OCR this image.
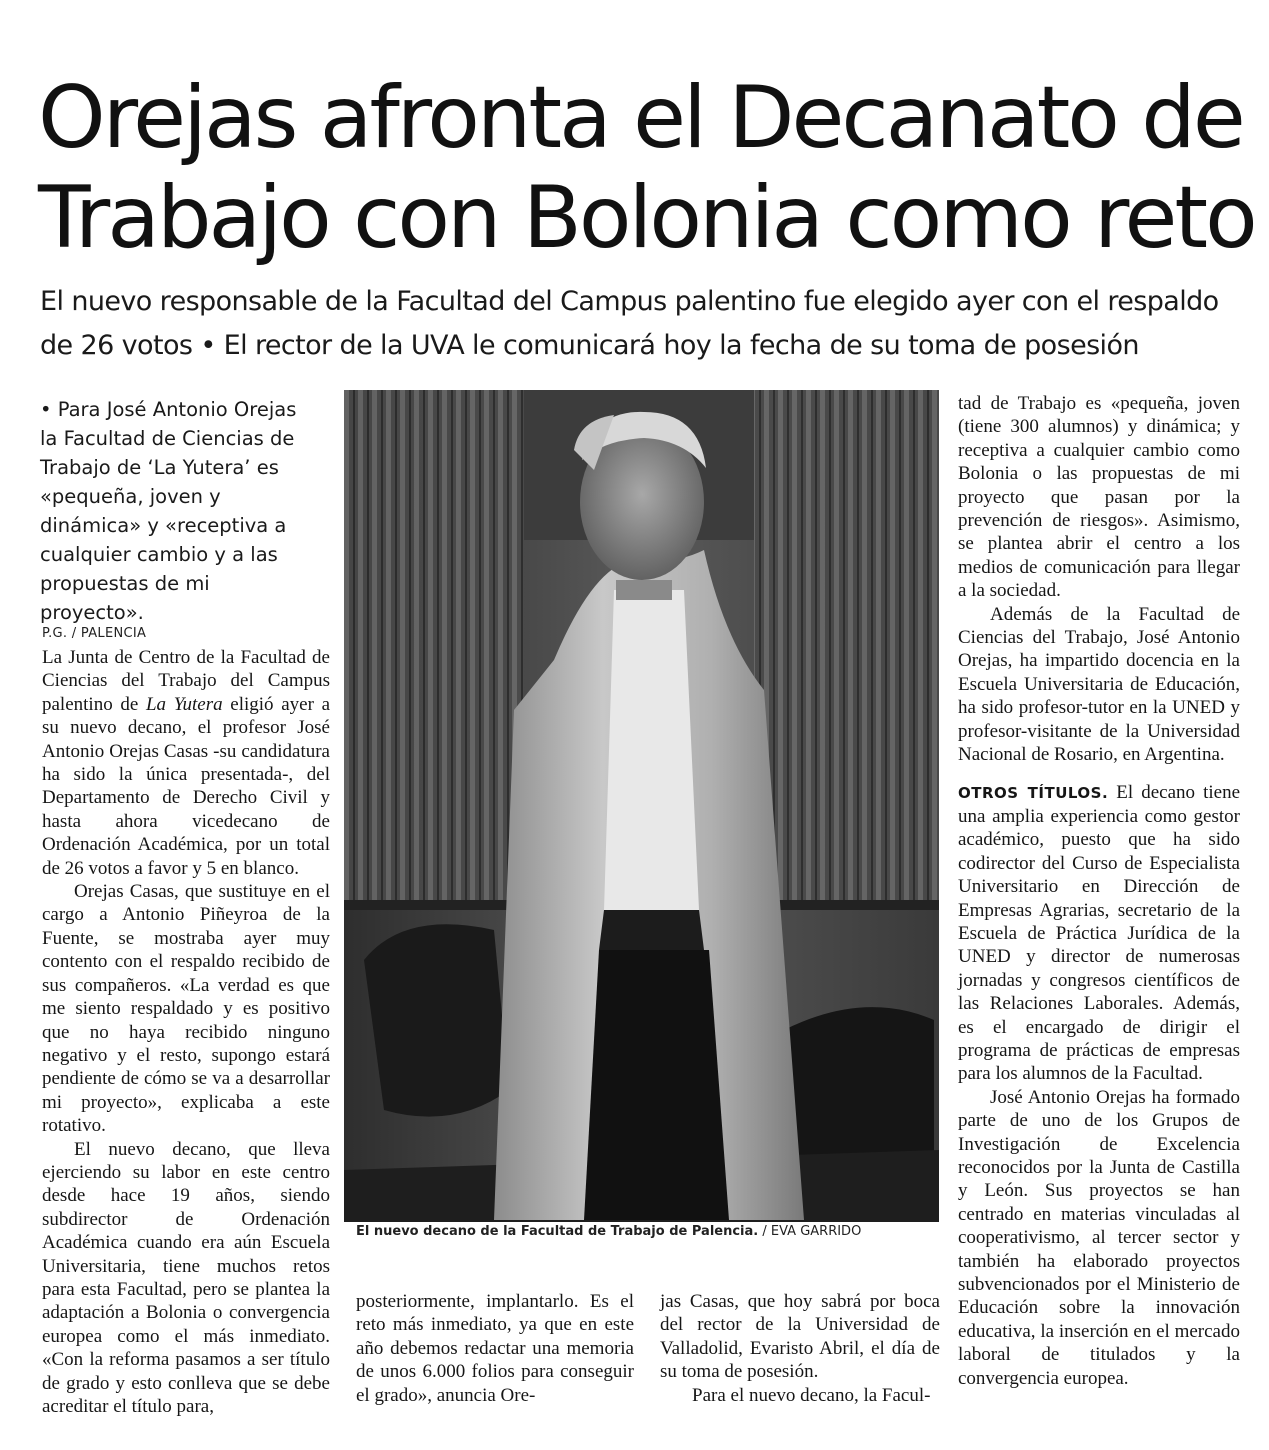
Orejas afronta el Decanato de
Trabajo con Bolonia como reto
El nuevo responsable de la Facultad del Campus palentino fue elegido ayer con el respaldo
de 26 votos • El rector de la UVA le comunicará hoy la fecha de su toma de posesión

• Para José Antonio Orejas la Facultad de Ciencias de Trabajo de ‘La Yutera’ es «pequeña, joven y dinámica» y «receptiva a cualquier cambio y a las propuestas de mi proyecto».

P.G. / PALENCIA

La Junta de Centro de la Facultad de Ciencias del Trabajo del Campus palentino de La Yutera eligió ayer a su nuevo decano, el profesor José Antonio Orejas Casas -su candidatura ha sido la única presentada-, del Departamento de Derecho Civil y hasta ahora vicedecano de Ordenación Académica, por un total de 26 votos a favor y 5 en blanco.

Orejas Casas, que sustituye en el cargo a Antonio Piñeyroa de la Fuente, se mostraba ayer muy contento con el respaldo recibido de sus compañeros. «La verdad es que me siento respaldado y es positivo que no haya recibido ninguno negativo y el resto, supongo estará pendiente de cómo se va a desarrollar mi proyecto», explicaba a este rotativo.

El nuevo decano, que lleva ejerciendo su labor en este centro desde hace 19 años, siendo subdirector de Ordenación Académica cuando era aún Escuela Universitaria, tiene muchos retos para esta Facultad, pero se plantea la adaptación a Bolonia o convergencia europea como el más inmediato. «Con la reforma pasamos a ser título de grado y esto conlleva que se debe acreditar el título para,

El nuevo decano de la Facultad de Trabajo de Palencia. / EVA GARRIDO

posteriormente, implantarlo. Es el reto más inmediato, ya que en este año debemos redactar una memoria de unos 6.000 folios para conseguir el grado», anuncia Ore-

jas Casas, que hoy sabrá por boca del rector de la Universidad de Valladolid, Evaristo Abril, el día de su toma de posesión.

Para el nuevo decano, la Facul-

tad de Trabajo es «pequeña, joven (tiene 300 alumnos) y dinámica; y receptiva a cualquier cambio como Bolonia o las propuestas de mi proyecto que pasan por la prevención de riesgos». Asimismo, se plantea abrir el centro a los medios de comunicación para llegar a la sociedad.

Además de la Facultad de Ciencias del Trabajo, José Antonio Orejas, ha impartido docencia en la Escuela Universitaria de Educación, ha sido profesor-tutor en la UNED y profesor-visitante de la Universidad Nacional de Rosario, en Argentina.

OTROS TÍTULOS. El decano tiene una amplia experiencia como gestor académico, puesto que ha sido codirector del Curso de Especialista Universitario en Dirección de Empresas Agrarias, secretario de la Escuela de Práctica Jurídica de la UNED y director de numerosas jornadas y congresos científicos de las Relaciones Laborales. Además, es el encargado de dirigir el programa de prácticas de empresas para los alumnos de la Facultad.

José Antonio Orejas ha formado parte de uno de los Grupos de Investigación de Excelencia reconocidos por la Junta de Castilla y León. Sus proyectos se han centrado en materias vinculadas al cooperativismo, al tercer sector y también ha elaborado proyectos subvencionados por el Ministerio de Educación sobre la innovación educativa, la inserción en el mercado laboral de titulados y la convergencia europea.
